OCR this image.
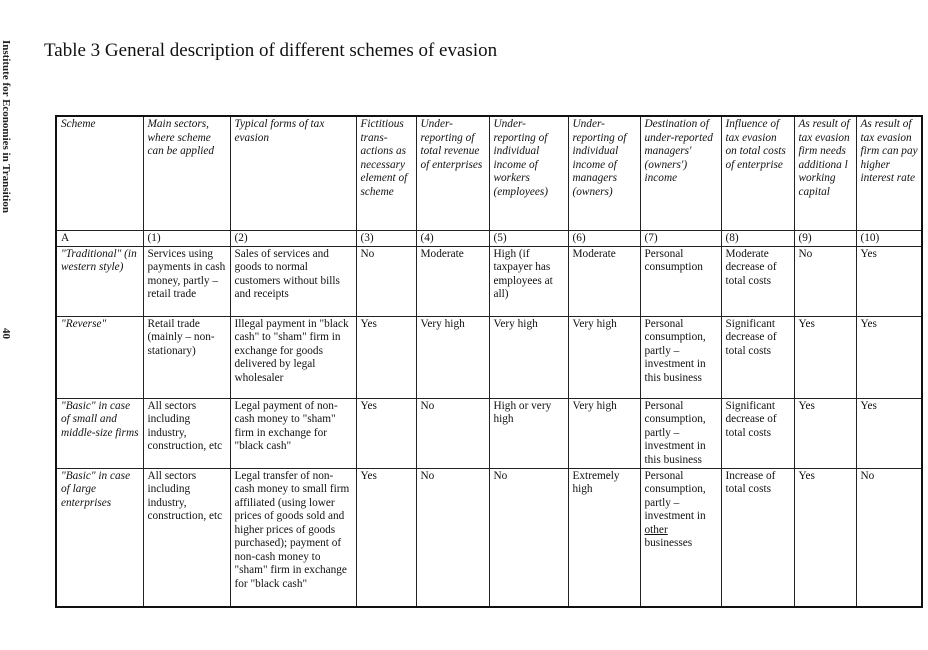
Institute for Economies in Transition
40
Table 3 General description of different schemes of evasion
Scheme	Main sectors, where scheme can be applied	Typical forms of tax evasion	Fictitious trans-actions as necessary element of scheme	Under-reporting of total revenue of enterprises	Under-reporting of individual income of workers (employees)	Under-reporting of individual income of managers (owners)	Destination of under-reported managers' (owners') income	Influence of tax evasion on total costs of enterprise	As result of tax evasion firm needs additiona l working capital	As result of tax evasion firm can pay higher interest rate
A	(1)	(2)	(3)	(4)	(5)	(6)	(7)	(8)	(9)	(10)
"Traditional" (in western style)	Services using payments in cash money, partly – retail trade	Sales of services and goods to normal customers without bills and receipts	No	Moderate	High (if taxpayer has employees at all)	Moderate	Personal consumption	Moderate decrease of total costs	No	Yes
"Reverse"	Retail trade (mainly – non-stationary)	Illegal payment in "black cash" to "sham" firm in exchange for goods delivered by legal wholesaler	Yes	Very high	Very high	Very high	Personal consumption, partly – investment in this business	Significant decrease of total costs	Yes	Yes
"Basic" in case of small and middle-size firms	All sectors including industry, construction, etc	Legal payment of non-cash money to "sham" firm in exchange for "black cash"	Yes	No	High or very high	Very high	Personal consumption, partly – investment in this business	Significant decrease of total costs	Yes	Yes
"Basic" in case of large enterprises	All sectors including industry, construction, etc	Legal transfer of non-cash money to small firm affiliated (using lower prices of goods sold and higher prices of goods purchased); payment of non-cash money to "sham" firm in exchange for "black cash"	Yes	No	No	Extremely high	Personal consumption, partly – investment in other businesses	Increase of total costs	Yes	No
